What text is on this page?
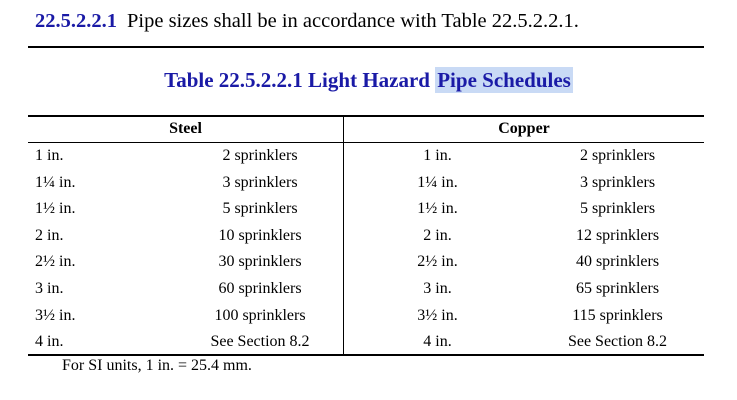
22.5.2.2.1 Pipe sizes shall be in accordance with Table 22.5.2.2.1.
Table 22.5.2.2.1 Light Hazard Pipe Schedules
Steel	Copper
1 in.	2 sprinklers	1 in.	2 sprinklers
1¼ in.	3 sprinklers	1¼ in.	3 sprinklers
1½ in.	5 sprinklers	1½ in.	5 sprinklers
2 in.	10 sprinklers	2 in.	12 sprinklers
2½ in.	30 sprinklers	2½ in.	40 sprinklers
3 in.	60 sprinklers	3 in.	65 sprinklers
3½ in.	100 sprinklers	3½ in.	115 sprinklers
4 in.	See Section 8.2	4 in.	See Section 8.2
For SI units, 1 in. = 25.4 mm.
